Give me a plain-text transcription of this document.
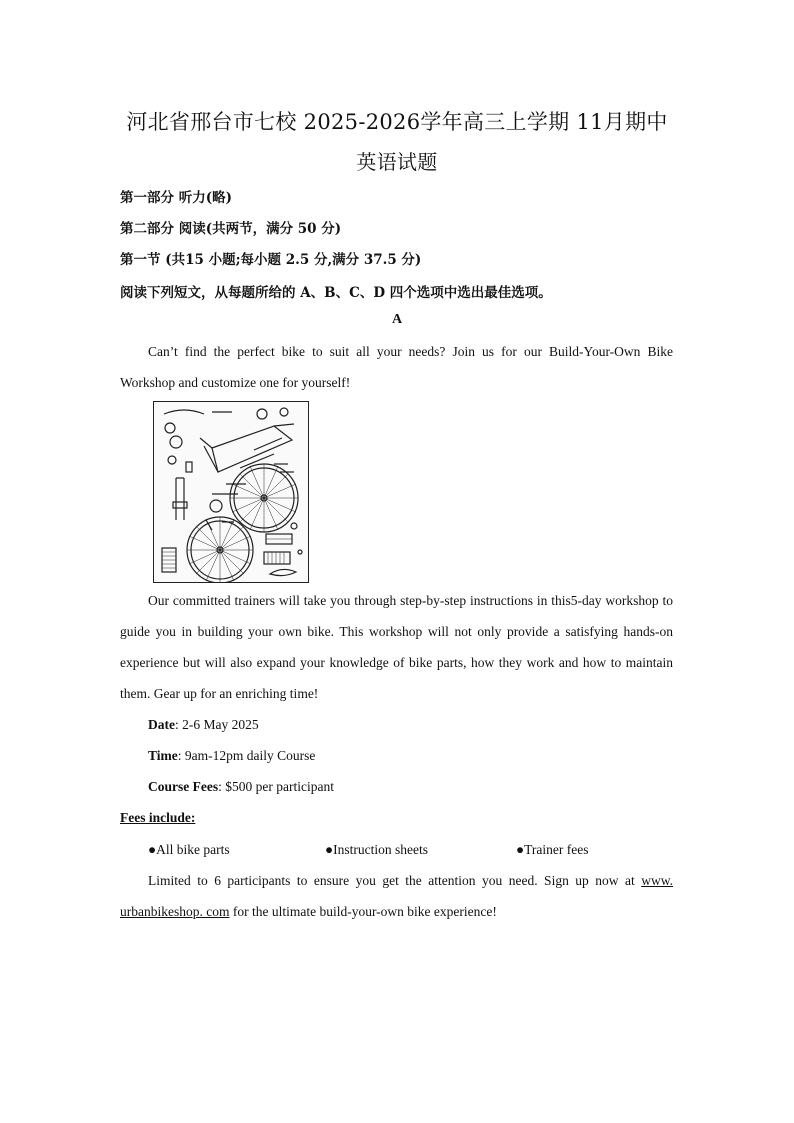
河北省邢台市七校 2025-2026学年高三上学期 11月期中
英语试题
第一部分 听力(略)
第二部分 阅读(共两节，满分 50 分)
第一节 (共15 小题;每小题 2.5 分,满分 37.5 分)
阅读下列短文，从每题所给的 A、B、C、D 四个选项中选出最佳选项。
A

Can’t find the perfect bike to suit all your needs? Join us for our Build-Your-Own Bike Workshop and customize one for yourself!

Our committed trainers will take you through step-by-step instructions in this5-day workshop to guide you in building your own bike. This workshop will not only provide a satisfying hands-on experience but will also expand your knowledge of bike parts, how they work and how to maintain them. Gear up for an enriching time!

Date: 2-6 May 2025
Time: 9am-12pm daily Course
Course Fees: $500 per participant
Fees include:
●All bike parts	●Instruction sheets	●Trainer fees

Limited to 6 participants to ensure you get the attention you need. Sign up now at www. urbanbikeshop. com for the ultimate build-your-own bike experience!
